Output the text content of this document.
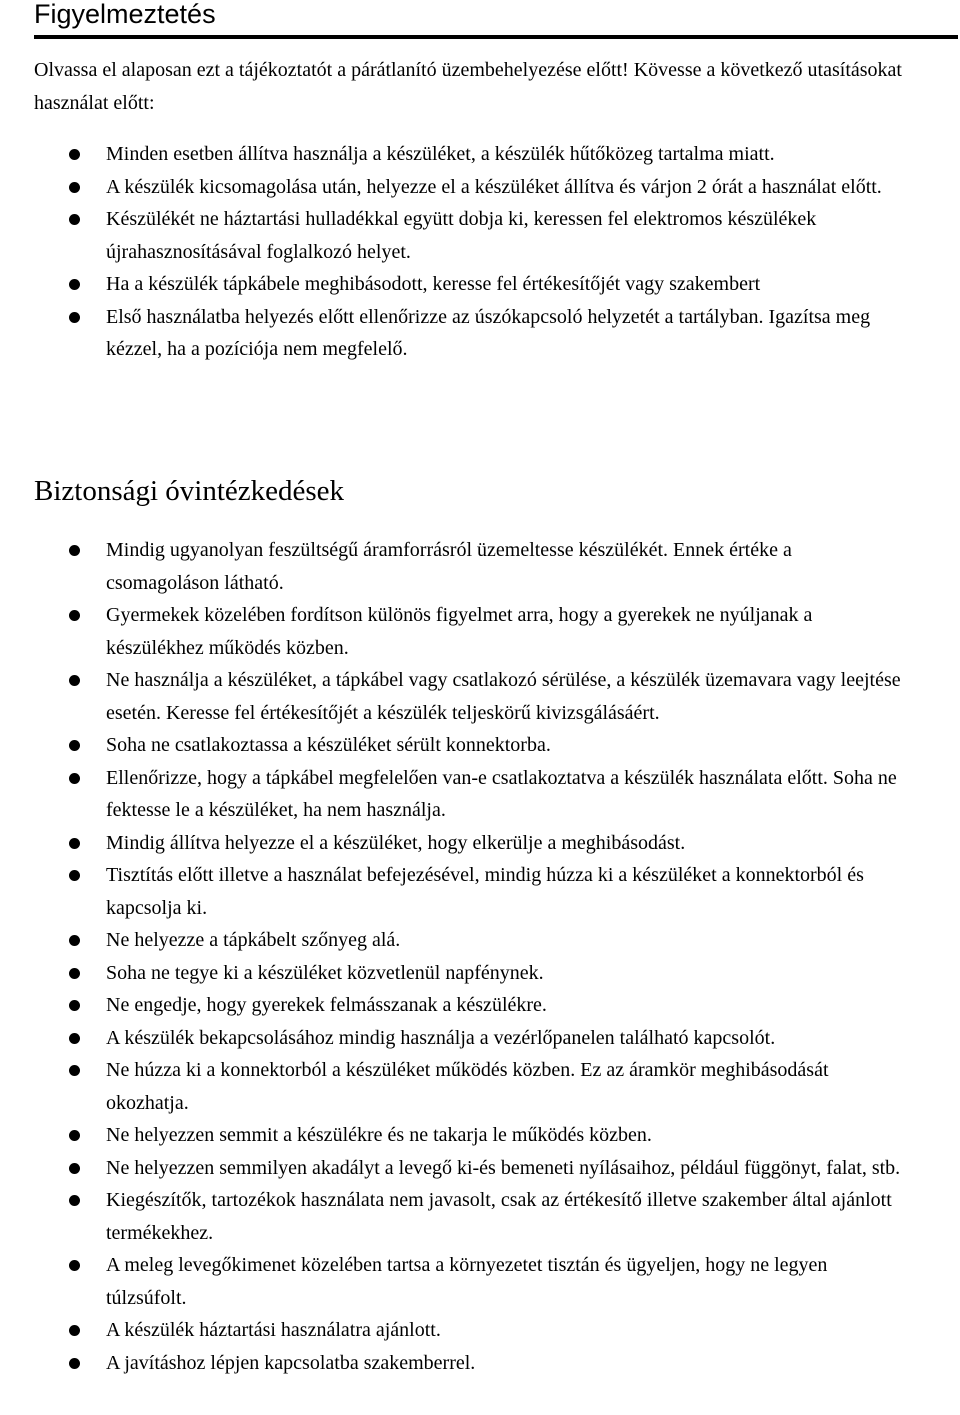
Figyelmeztetés

Olvassa el alaposan ezt a tájékoztatót a párátlanító üzembehelyezése előtt! Kövesse a következő utasításokat használat előtt:

Minden esetben állítva használja a készüléket, a készülék hűtőközeg tartalma miatt.
A készülék kicsomagolása után, helyezze el a készüléket állítva és várjon 2 órát a használat előtt.
Készülékét ne háztartási hulladékkal együtt dobja ki, keressen fel elektromos készülékek újrahasznosításával foglalkozó helyet.
Ha a készülék tápkábele meghibásodott, keresse fel értékesítőjét vagy szakembert
Első használatba helyezés előtt ellenőrizze az úszókapcsoló helyzetét a tartályban. Igazítsa meg kézzel, ha a pozíciója nem megfelelő.
Biztonsági óvintézkedések
Mindig ugyanolyan feszültségű áramforrásról üzemeltesse készülékét. Ennek értéke a csomagoláson látható.
Gyermekek közelében fordítson különös figyelmet arra, hogy a gyerekek ne nyúljanak a készülékhez működés közben.
Ne használja a készüléket, a tápkábel vagy csatlakozó sérülése, a készülék üzemavara vagy leejtése esetén. Keresse fel értékesítőjét a készülék teljeskörű kivizsgálásáért.
Soha ne csatlakoztassa a készüléket sérült konnektorba.
Ellenőrizze, hogy a tápkábel megfelelően van-e csatlakoztatva a készülék használata előtt. Soha ne fektesse le a készüléket, ha nem használja.
Mindig állítva helyezze el a készüléket, hogy elkerülje a meghibásodást.
Tisztítás előtt illetve a használat befejezésével, mindig húzza ki a készüléket a konnektorból és kapcsolja ki.
Ne helyezze a tápkábelt szőnyeg alá.
Soha ne tegye ki a készüléket közvetlenül napfénynek.
Ne engedje, hogy gyerekek felmásszanak a készülékre.
A készülék bekapcsolásához mindig használja a vezérlőpanelen található kapcsolót.
Ne húzza ki a konnektorból a készüléket működés közben. Ez az áramkör meghibásodását okozhatja.
Ne helyezzen semmit a készülékre és ne takarja le működés közben.
Ne helyezzen semmilyen akadályt a levegő ki-és bemeneti nyílásaihoz, például függönyt, falat, stb.
Kiegészítők, tartozékok használata nem javasolt, csak az értékesítő illetve szakember által ajánlott termékekhez.
A meleg levegőkimenet közelében tartsa a környezetet tisztán és ügyeljen, hogy ne legyen túlzsúfolt.
A készülék háztartási használatra ajánlott.
A javításhoz lépjen kapcsolatba szakemberrel.
